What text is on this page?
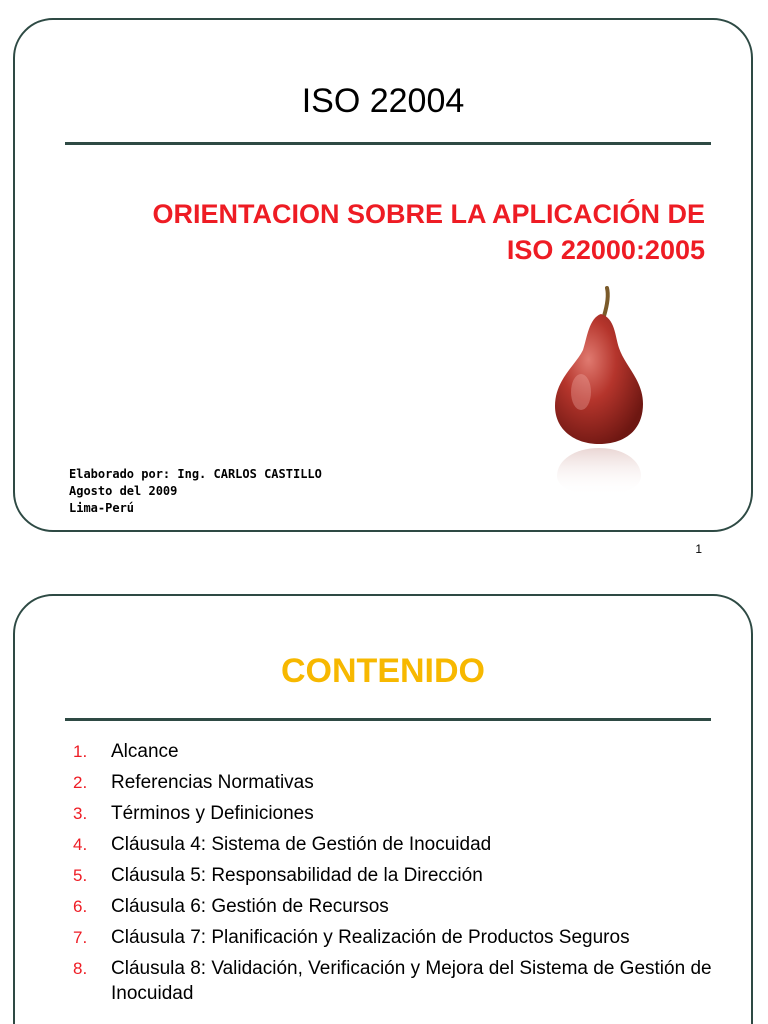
ISO 22004
ORIENTACION SOBRE LA APLICACIÓN DE
ISO 22000:2005
Elaborado por: Ing. CARLOS CASTILLO
Agosto del 2009
Lima-Perú
1
CONTENIDO
1.	Alcance
2.	Referencias Normativas
3.	Términos y Definiciones
4.	Cláusula 4: Sistema de Gestión de Inocuidad
5.	Cláusula 5: Responsabilidad de la Dirección
6.	Cláusula 6: Gestión de Recursos
7.	Cláusula 7: Planificación y Realización de Productos Seguros
8.	Cláusula 8: Validación, Verificación y Mejora del Sistema de Gestión de Inocuidad
